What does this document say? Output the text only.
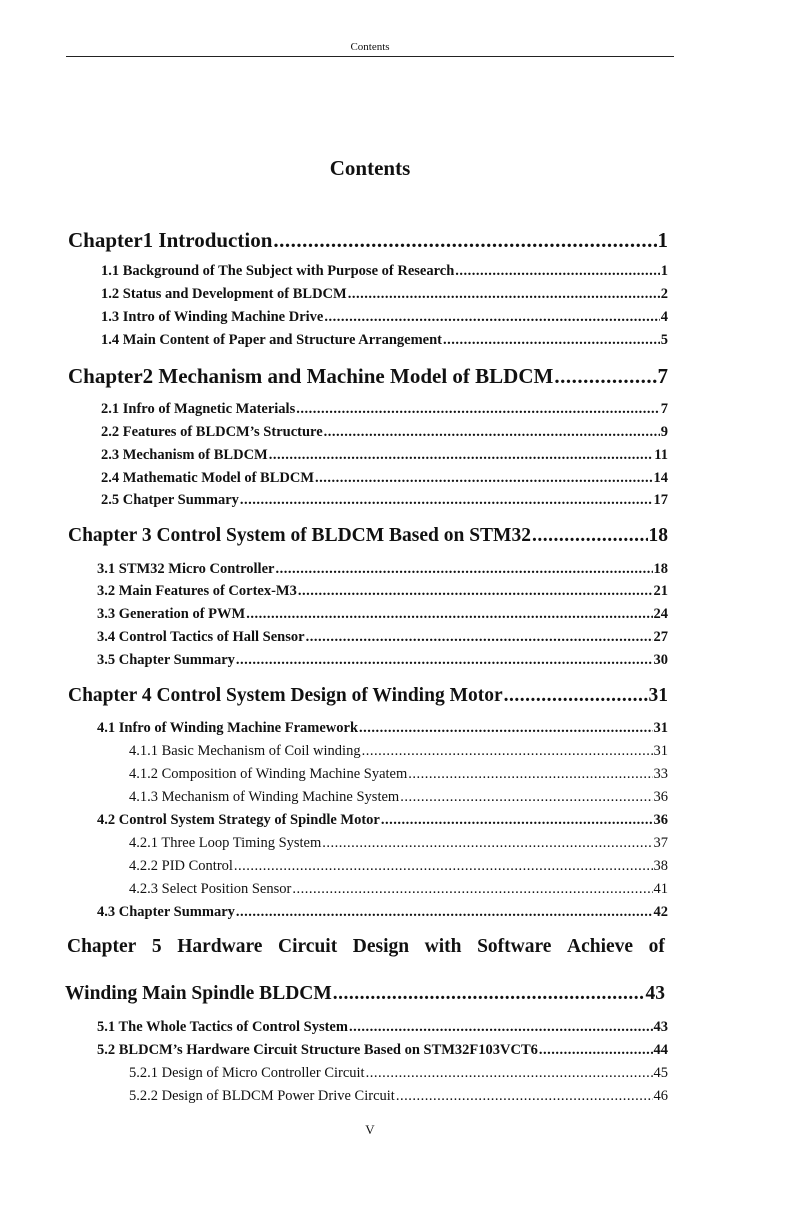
Contents
Contents
Chapter1 Introduction .....	1
1.1 Background of The Subject with Purpose of Research .....	1
1.2 Status and Development of BLDCM .....	2
1.3 Intro of Winding Machine Drive .....	4
1.4 Main Content of Paper and Structure Arrangement .....	5
Chapter2 Mechanism and Machine Model of BLDCM .....	7
2.1 Infro of Magnetic Materials .....	7
2.2 Features of BLDCM’s Structure .....	9
2.3 Mechanism of BLDCM .....	11
2.4 Mathematic Model of BLDCM .....	14
2.5 Chatper Summary .....	17
Chapter 3 Control System of BLDCM Based on STM32 .....	18
3.1 STM32 Micro Controller .....	18
3.2 Main Features of Cortex-M3 .....	21
3.3 Generation of PWM .....	24
3.4 Control Tactics of Hall Sensor .....	27
3.5 Chapter Summary .....	30
Chapter 4 Control System Design of Winding Motor .....	31
4.1 Infro of Winding Machine Framework .....	31
4.1.1 Basic Mechanism of Coil winding .....	31
4.1.2 Composition of Winding Machine Syatem .....	33
4.1.3 Mechanism of Winding Machine System .....	36
4.2 Control System Strategy of Spindle Motor .....	36
4.2.1 Three Loop Timing System .....	37
4.2.2 PID Control .....	38
4.2.3 Select Position Sensor .....	41
4.3 Chapter Summary .....	42
Chapter 5 Hardware Circuit Design with Software Achieve of
Winding Main Spindle BLDCM .....	43
5.1 The Whole Tactics of Control System .....	43
5.2 BLDCM’s Hardware Circuit Structure Based on STM32F103VCT6 .....	44
5.2.1 Design of Micro Controller Circuit .....	45
5.2.2 Design of BLDCM Power Drive Circuit .....	46
V
